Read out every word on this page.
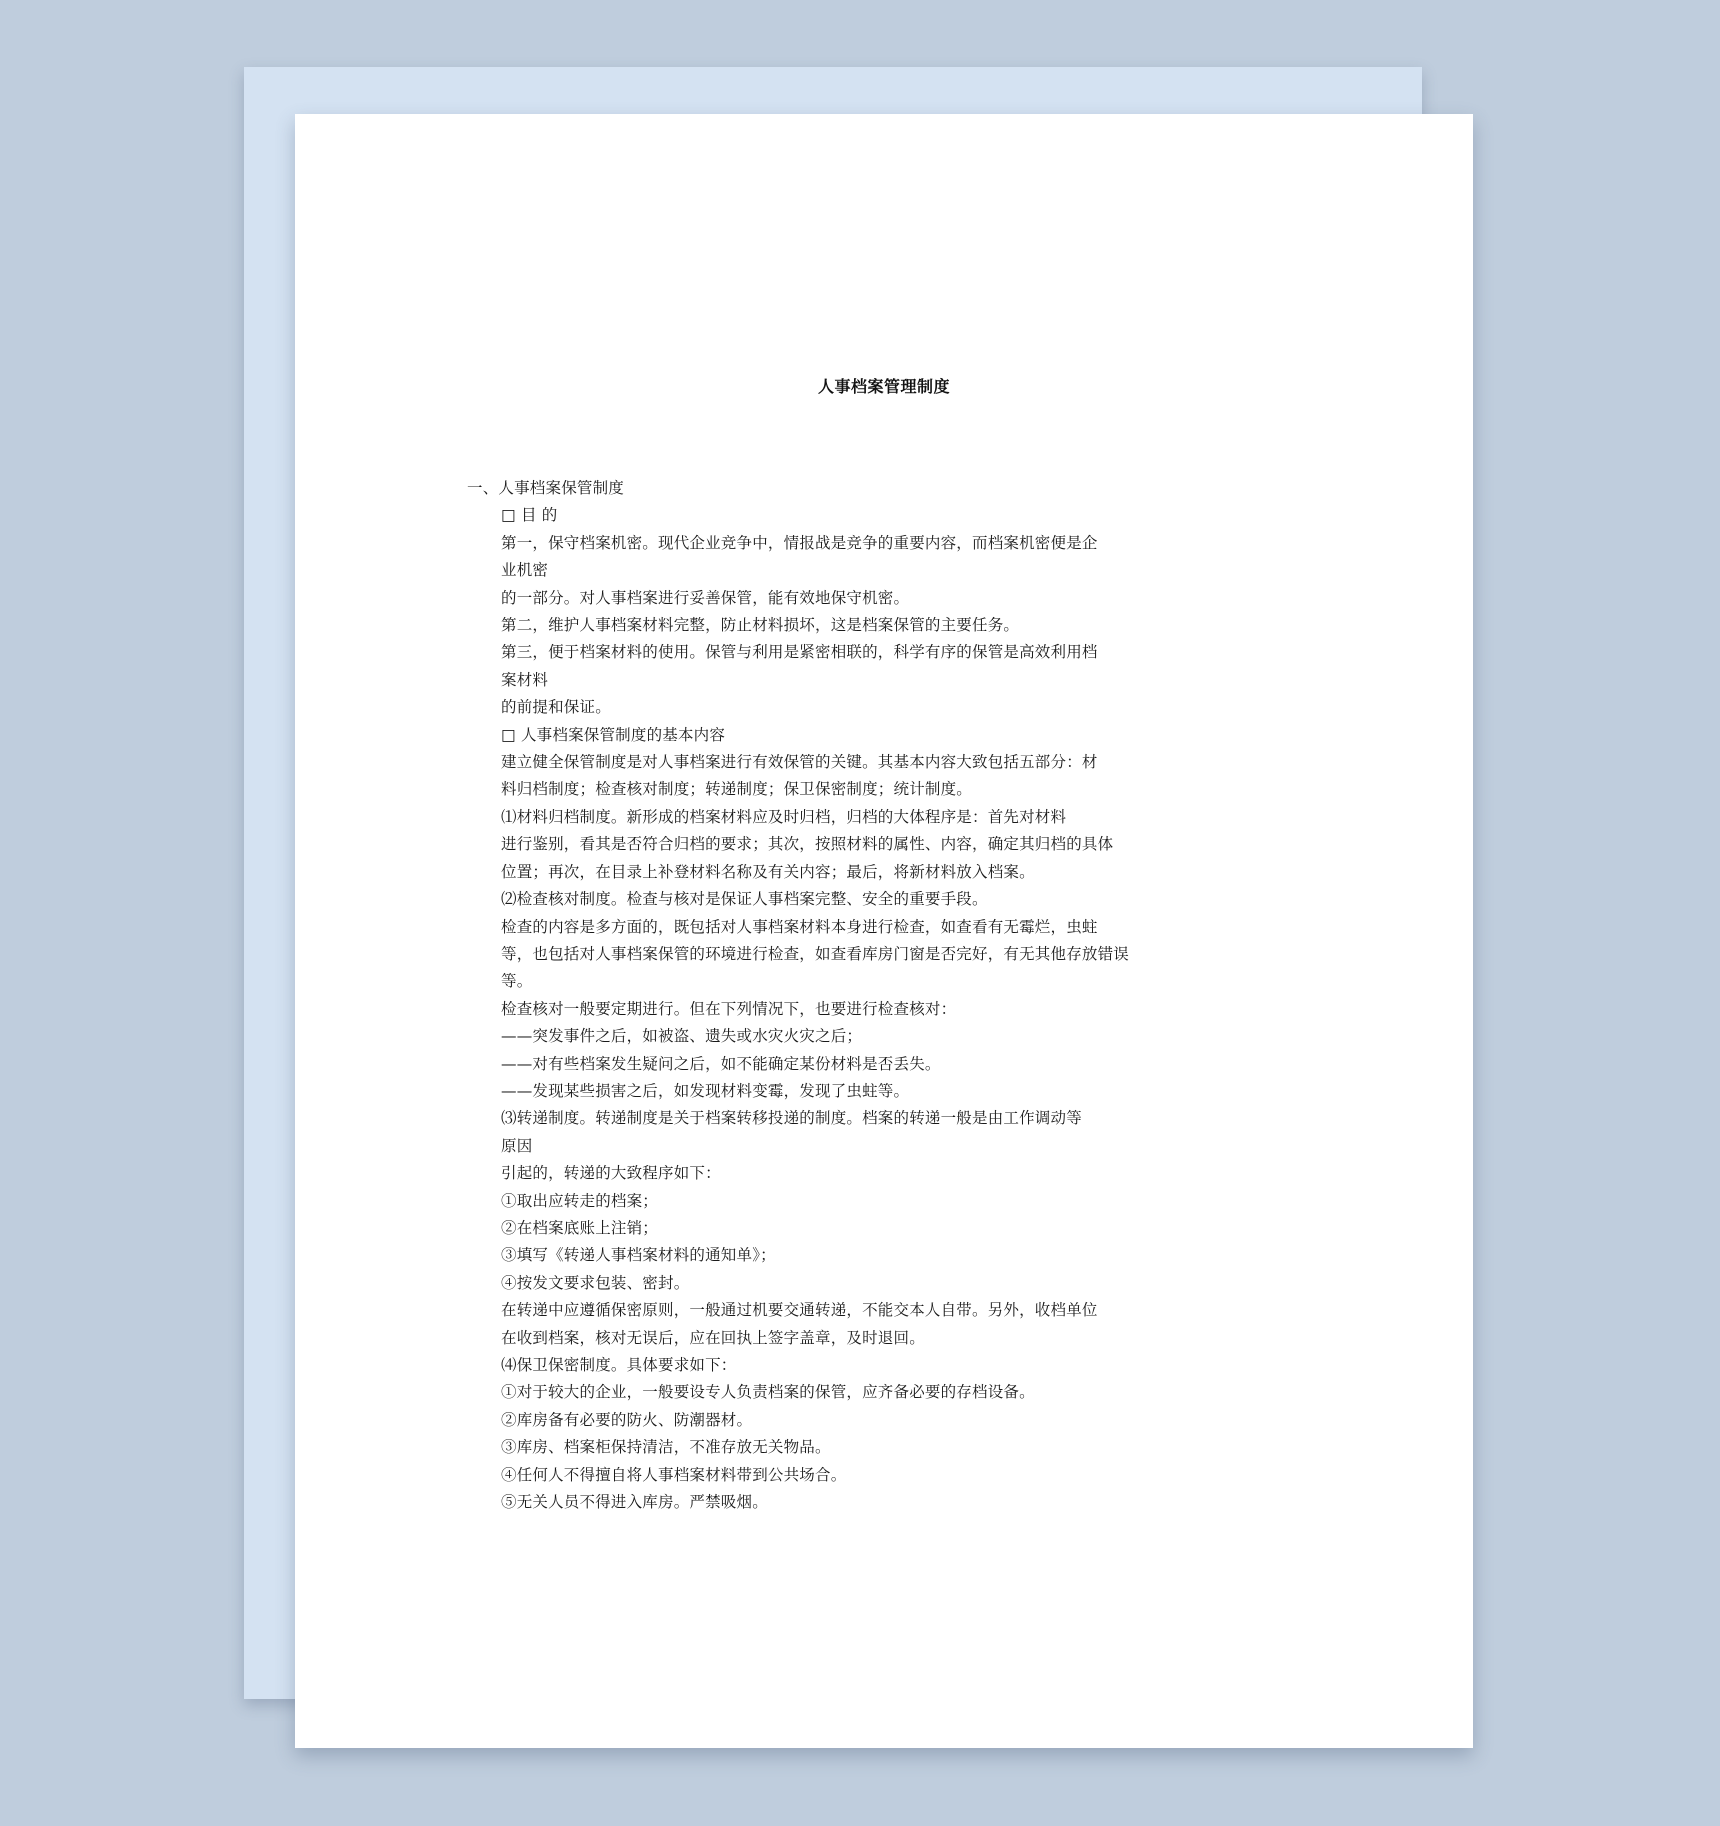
人事档案管理制度
一、人事档案保管制度
□ 目 的
第一，保守档案机密。现代企业竞争中，情报战是竞争的重要内容，而档案机密便是企
业机密
的一部分。对人事档案进行妥善保管，能有效地保守机密。
第二，维护人事档案材料完整，防止材料损坏，这是档案保管的主要任务。
第三，便于档案材料的使用。保管与利用是紧密相联的，科学有序的保管是高效利用档
案材料
的前提和保证。
□ 人事档案保管制度的基本内容
建立健全保管制度是对人事档案进行有效保管的关键。其基本内容大致包括五部分：材
料归档制度；检查核对制度；转递制度；保卫保密制度；统计制度。
⑴材料归档制度。新形成的档案材料应及时归档，归档的大体程序是：首先对材料
进行鉴别，看其是否符合归档的要求；其次，按照材料的属性、内容，确定其归档的具体
位置；再次，在目录上补登材料名称及有关内容；最后，将新材料放入档案。
⑵检查核对制度。检查与核对是保证人事档案完整、安全的重要手段。
检查的内容是多方面的，既包括对人事档案材料本身进行检查，如查看有无霉烂，虫蛀
等，也包括对人事档案保管的环境进行检查，如查看库房门窗是否完好，有无其他存放错误
等。
检查核对一般要定期进行。但在下列情况下，也要进行检查核对：
——突发事件之后，如被盗、遗失或水灾火灾之后；
——对有些档案发生疑问之后，如不能确定某份材料是否丢失。
——发现某些损害之后，如发现材料变霉，发现了虫蛀等。
⑶转递制度。转递制度是关于档案转移投递的制度。档案的转递一般是由工作调动等
原因
引起的，转递的大致程序如下：
①取出应转走的档案；
②在档案底账上注销；
③填写《转递人事档案材料的通知单》；
④按发文要求包装、密封。
在转递中应遵循保密原则，一般通过机要交通转递，不能交本人自带。另外，收档单位
在收到档案，核对无误后，应在回执上签字盖章，及时退回。
⑷保卫保密制度。具体要求如下：
①对于较大的企业，一般要设专人负责档案的保管，应齐备必要的存档设备。
②库房备有必要的防火、防潮器材。
③库房、档案柜保持清洁，不准存放无关物品。
④任何人不得擅自将人事档案材料带到公共场合。
⑤无关人员不得进入库房。严禁吸烟。
